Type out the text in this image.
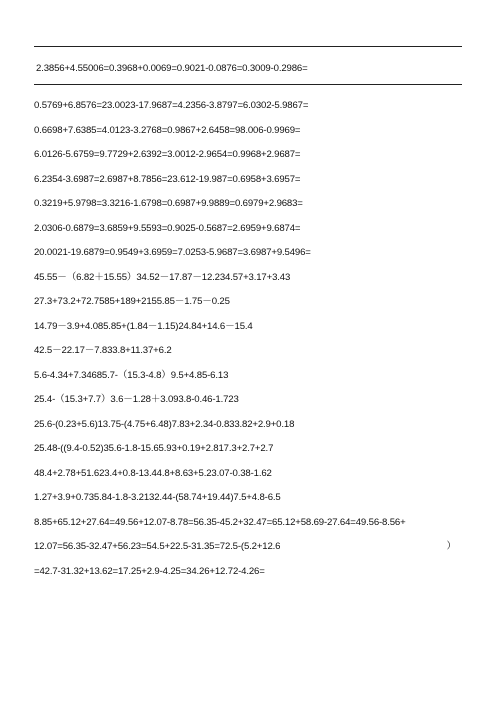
2.3856+4.55006=0.3968+0.0069=0.9021-0.0876=0.3009-0.2986=
0.5769+6.8576=23.0023-17.9687=4.2356-3.8797=6.0302-5.9867=
0.6698+7.6385=4.0123-3.2768=0.9867+2.6458=98.006-0.9969=
6.0126-5.6759=9.7729+2.6392=3.0012-2.9654=0.9968+2.9687=
6.2354-3.6987=2.6987+8.7856=23.612-19.987=0.6958+3.6957=
0.3219+5.9798=3.3216-1.6798=0.6987+9.9889=0.6979+2.9683=
2.0306-0.6879=3.6859+9.5593=0.9025-0.5687=2.6959+9.6874=
20.0021-19.6879=0.9549+3.6959=7.0253-5.9687=3.6987+9.5496=
45.55－（6.82＋15.55）34.52－17.87－12.234.57+3.17+3.43
27.3+73.2+72.7585+189+2155.85－1.75－0.25
14.79－3.9+4.085.85+(1.84－1.15)24.84+14.6－15.4
42.5－22.17－7.833.8+11.37+6.2
5.6-4.34+7.34685.7-（15.3-4.8）9.5+4.85-6.13
25.4-（15.3+7.7）3.6－1.28＋3.093.8-0.46-1.723
25.6-(0.23+5.6)13.75-(4.75+6.48)7.83+2.34-0.833.82+2.9+0.18
25.48-((9.4-0.52)35.6-1.8-15.65.93+0.19+2.817.3+2.7+2.7
48.4+2.78+51.623.4+0.8-13.44.8+8.63+5.23.07-0.38-1.62
1.27+3.9+0.735.84-1.8-3.2132.44-(58.74+19.44)7.5+4.8-6.5
8.85+65.12+27.64=49.56+12.07-8.78=56.35-45.2+32.47=65.12+58.69-27.64=49.56-8.56+
12.07=56.35-32.47+56.23=54.5+22.5-31.35=72.5-(5.2+12.6	）
=42.7-31.32+13.62=17.25+2.9-4.25=34.26+12.72-4.26=
